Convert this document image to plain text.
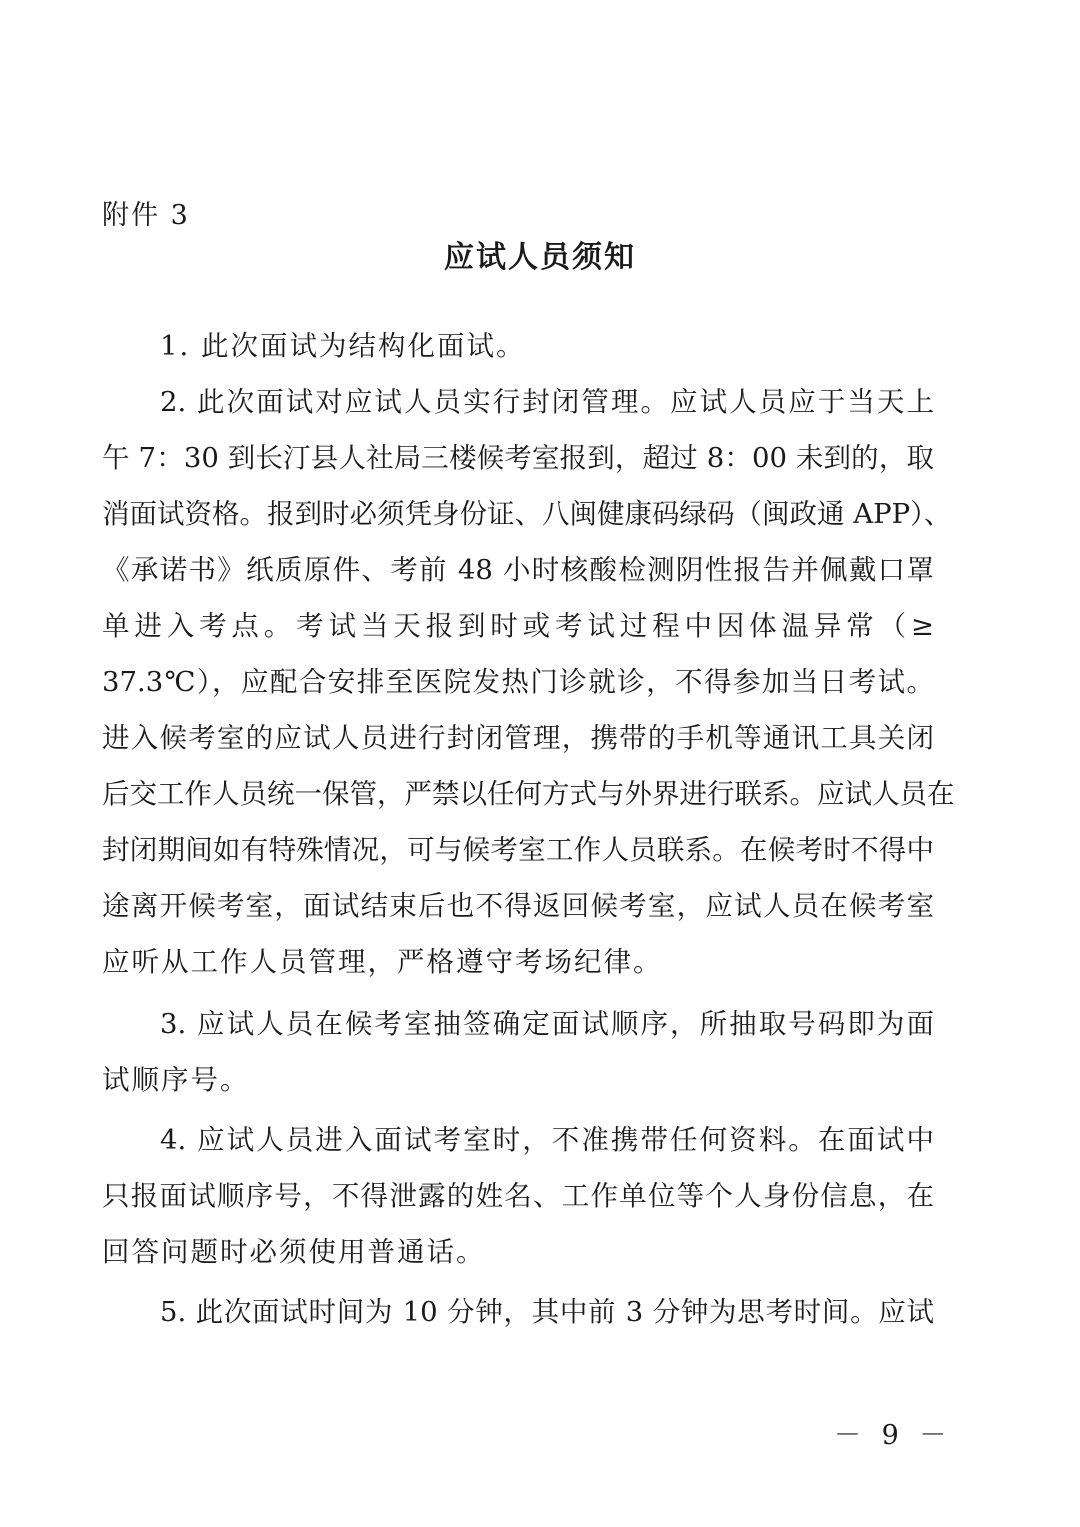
附件 3
应试人员须知
1. 此次面试为结构化面试。
2. 此次面试对应试人员实行封闭管理。应试人员应于当天上
午 7：30 到长汀县人社局三楼候考室报到，超过 8：00 未到的，取
消面试资格。报到时必须凭身份证、八闽健康码绿码（闽政通 APP）、
《承诺书》纸质原件、考前 48 小时核酸检测阴性报告并佩戴口罩
单进入考点。考试当天报到时或考试过程中因体温异常（≥
37.3℃），应配合安排至医院发热门诊就诊，不得参加当日考试。
进入候考室的应试人员进行封闭管理，携带的手机等通讯工具关闭
后交工作人员统一保管，严禁以任何方式与外界进行联系。应试人员在
封闭期间如有特殊情况，可与候考室工作人员联系。在候考时不得中
途离开候考室，面试结束后也不得返回候考室，应试人员在候考室
应听从工作人员管理，严格遵守考场纪律。
3. 应试人员在候考室抽签确定面试顺序，所抽取号码即为面
试顺序号。
4. 应试人员进入面试考室时，不准携带任何资料。在面试中
只报面试顺序号，不得泄露的姓名、工作单位等个人身份信息，在
回答问题时必须使用普通话。
5. 此次面试时间为 10 分钟，其中前 3 分钟为思考时间。应试
－ 9 －
